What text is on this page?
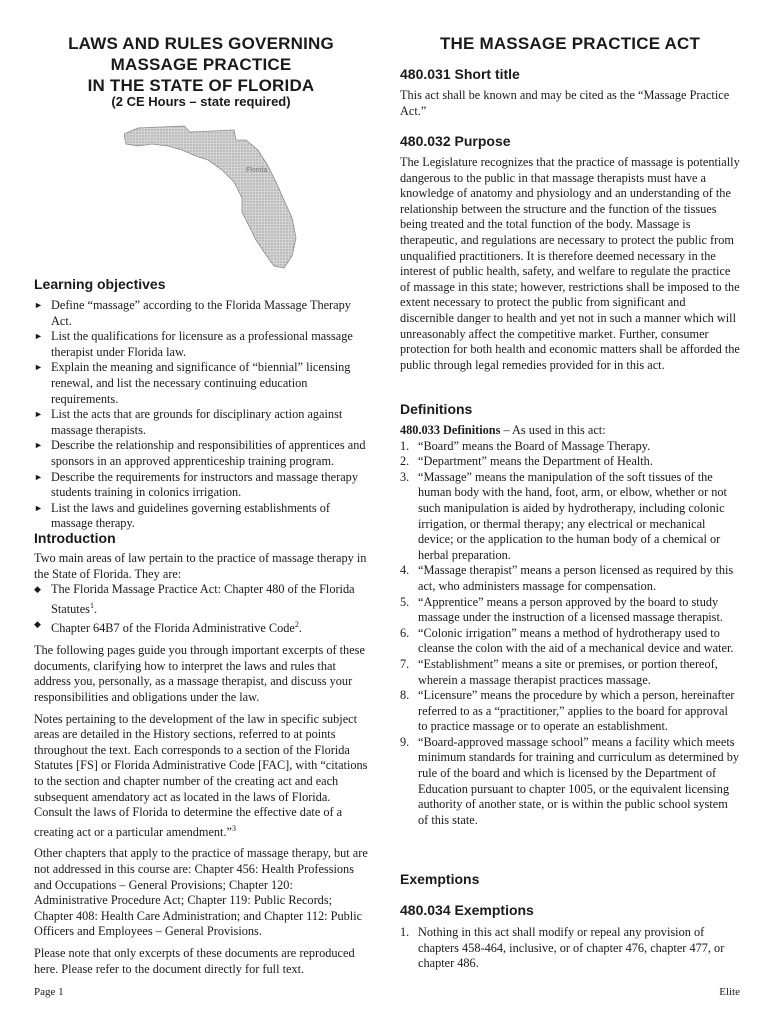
LAWS AND RULES GOVERNING
MASSAGE PRACTICE
IN THE STATE OF FLORIDA
(2 CE Hours – state required)
Florida
Learning objectives
► Define “massage” according to the Florida Massage Therapy Act.
► List the qualifications for licensure as a professional massage therapist under Florida law.
► Explain the meaning and significance of “biennial” licensing renewal, and list the necessary continuing education requirements.
► List the acts that are grounds for disciplinary action against massage therapists.
► Describe the relationship and responsibilities of apprentices and sponsors in an approved apprenticeship training program.
► Describe the requirements for instructors and massage therapy students training in colonics irrigation.
► List the laws and guidelines governing establishments of massage therapy.
Introduction
Two main areas of law pertain to the practice of massage therapy in the State of Florida. They are:
◆ The Florida Massage Practice Act: Chapter 480 of the Florida Statutes$^1$.
◆ Chapter 64B7 of the Florida Administrative Code$^2$.

The following pages guide you through important excerpts of these documents, clarifying how to interpret the laws and rules that address you, personally, as a massage therapist, and discuss your responsibilities and obligations under the law.

Notes pertaining to the development of the law in specific subject areas are detailed in the History sections, referred to at points throughout the text. Each corresponds to a section of the Florida Statutes [FS] or Florida Administrative Code [FAC], with “citations to the section and chapter number of the creating act and each subsequent amendatory act as located in the laws of Florida. Consult the laws of Florida to determine the effective date of a creating act or a particular amendment.”$^3$

Other chapters that apply to the practice of massage therapy, but are not addressed in this course are: Chapter 456: Health Professions and Occupations – General Provisions; Chapter 120: Administrative Procedure Act; Chapter 119: Public Records; Chapter 408: Health Care Administration; and Chapter 112: Public Officers and Employees – General Provisions.

Please note that only excerpts of these documents are reproduced here. Please refer to the document directly for full text.

Page 1
THE MASSAGE PRACTICE ACT
480.031 Short title
This act shall be known and may be cited as the “Massage Practice Act.”
480.032 Purpose
The Legislature recognizes that the practice of massage is potentially dangerous to the public in that massage therapists must have a knowledge of anatomy and physiology and an understanding of the relationship between the structure and the function of the tissues being treated and the total function of the body. Massage is therapeutic, and regulations are necessary to protect the public from unqualified practitioners. It is therefore deemed necessary in the interest of public health, safety, and welfare to regulate the practice of massage in this state; however, restrictions shall be imposed to the extent necessary to protect the public from significant and discernible danger to health and yet not in such a manner which will unreasonably affect the competitive market. Further, consumer protection for both health and economic matters shall be afforded the public through legal remedies provided for in this act.
Definitions
480.033 Definitions – As used in this act:
1. “Board” means the Board of Massage Therapy.
2. “Department” means the Department of Health.
3. “Massage” means the manipulation of the soft tissues of the human body with the hand, foot, arm, or elbow, whether or not such manipulation is aided by hydrotherapy, including colonic irrigation, or thermal therapy; any electrical or mechanical device; or the application to the human body of a chemical or herbal preparation.
4. “Massage therapist” means a person licensed as required by this act, who administers massage for compensation.
5. “Apprentice” means a person approved by the board to study massage under the instruction of a licensed massage therapist.
6. “Colonic irrigation” means a method of hydrotherapy used to cleanse the colon with the aid of a mechanical device and water.
7. “Establishment” means a site or premises, or portion thereof, wherein a massage therapist practices massage.
8. “Licensure” means the procedure by which a person, hereinafter referred to as a “practitioner,” applies to the board for approval to practice massage or to operate an establishment.
9. “Board-approved massage school” means a facility which meets minimum standards for training and curriculum as determined by rule of the board and which is licensed by the Department of Education pursuant to chapter 1005, or the equivalent licensing authority of another state, or is within the public school system of this state.
Exemptions
480.034 Exemptions
1. Nothing in this act shall modify or repeal any provision of chapters 458-464, inclusive, or of chapter 476, chapter 477, or chapter 486.
Elite
